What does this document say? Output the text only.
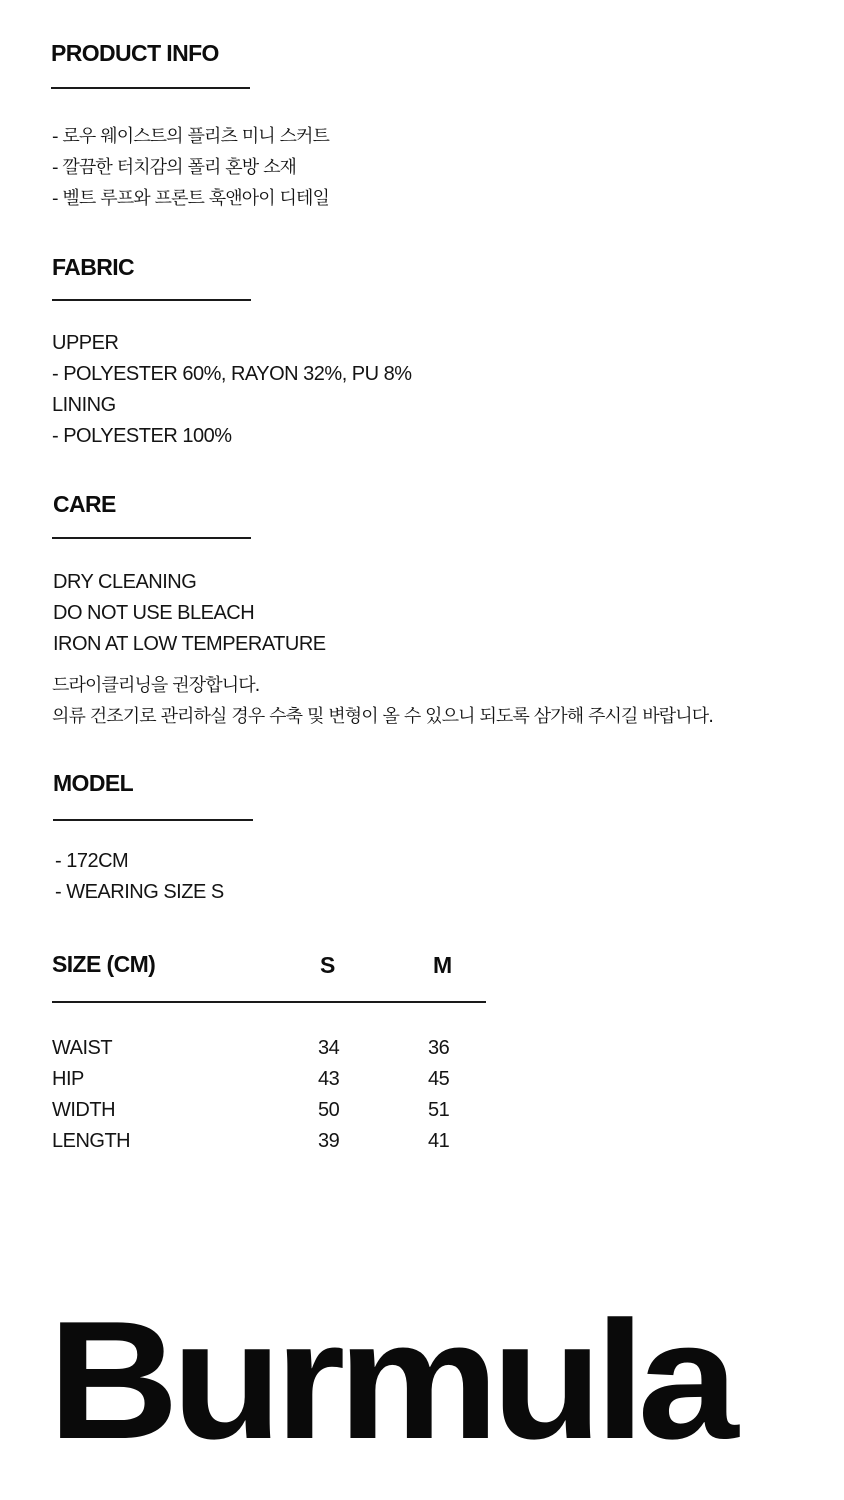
PRODUCT INFO
- 로우 웨이스트의 플리츠 미니 스커트
- 깔끔한 터치감의 폴리 혼방 소재
- 벨트 루프와 프론트 훅앤아이 디테일
FABRIC
UPPER
- POLYESTER 60%, RAYON 32%, PU 8%
LINING
- POLYESTER 100%
CARE
DRY CLEANING
DO NOT USE BLEACH
IRON AT LOW TEMPERATURE
드라이클리닝을 권장합니다.
의류 건조기로 관리하실 경우 수축 및 변형이 올 수 있으니 되도록 삼가해 주시길 바랍니다.
MODEL
- 172CM
- WEARING SIZE S
SIZE (CM)	S	M
WAIST	34	36
HIP	43	45
WIDTH	50	51
LENGTH	39	41
Burmula
